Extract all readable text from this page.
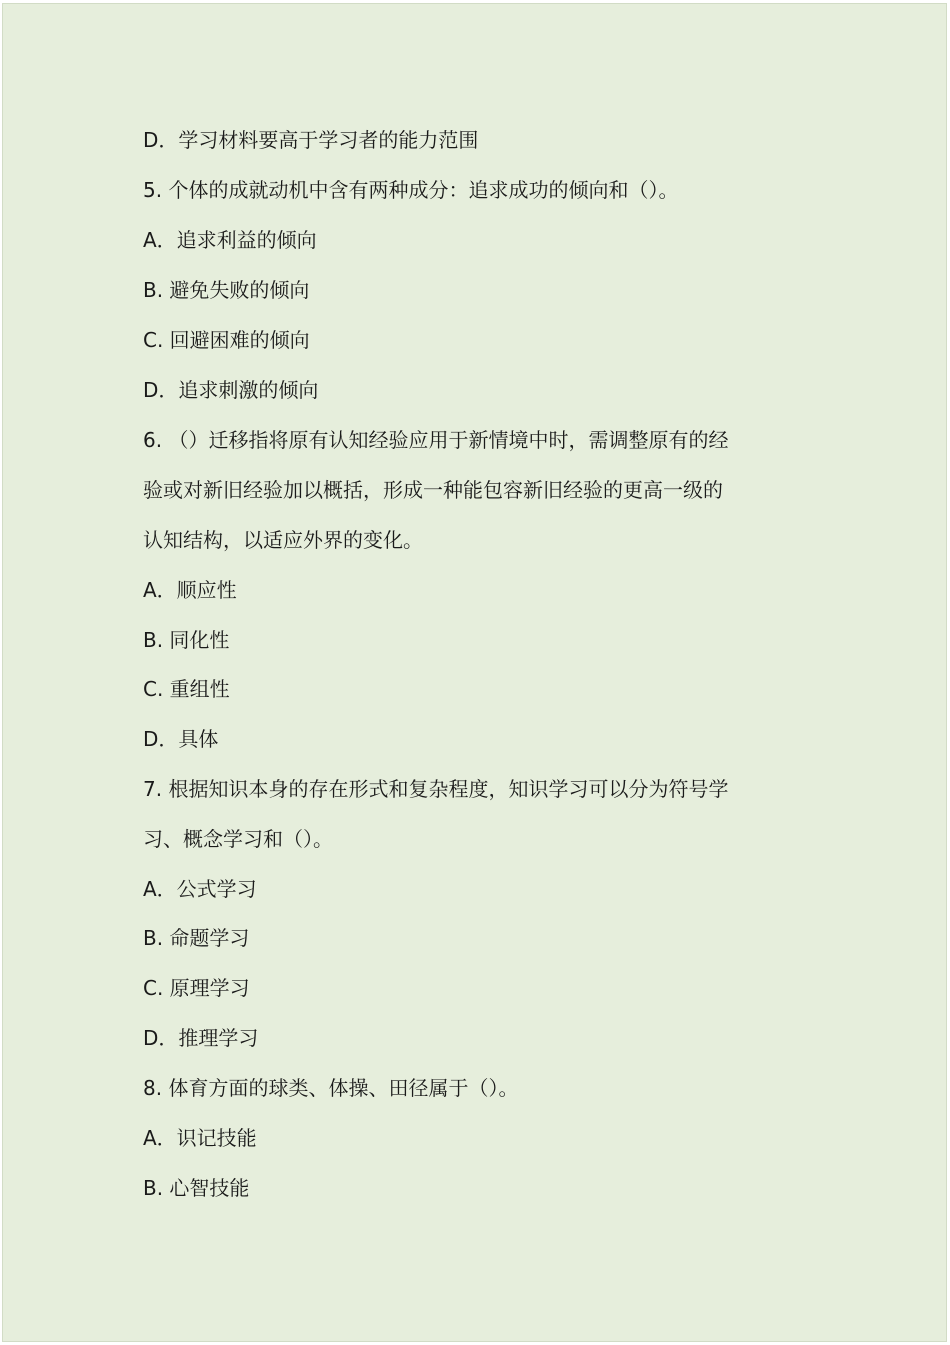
D．学习材料要高于学习者的能力范围
5. 个体的成就动机中含有两种成分：追求成功的倾向和（）。
A．追求利益的倾向
B. 避免失败的倾向
C. 回避困难的倾向
D．追求刺激的倾向
6. （）迁移指将原有认知经验应用于新情境中时，需调整原有的经
验或对新旧经验加以概括，形成一种能包容新旧经验的更高一级的
认知结构，以适应外界的变化。
A．顺应性
B. 同化性
C. 重组性
D．具体
7. 根据知识本身的存在形式和复杂程度，知识学习可以分为符号学
习、概念学习和（）。
A．公式学习
B. 命题学习
C. 原理学习
D．推理学习
8. 体育方面的球类、体操、田径属于（）。
A．识记技能
B. 心智技能
